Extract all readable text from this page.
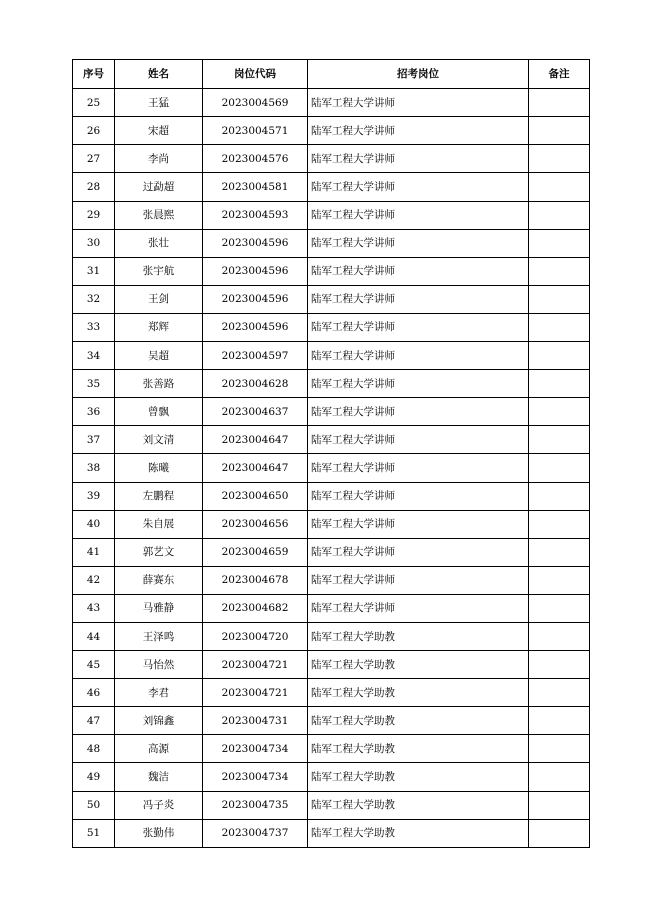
序号	姓名	岗位代码	招考岗位	备注
25	王猛	2023004569	陆军工程大学讲师	
26	宋超	2023004571	陆军工程大学讲师	
27	李尚	2023004576	陆军工程大学讲师	
28	过勐超	2023004581	陆军工程大学讲师	
29	张晨熙	2023004593	陆军工程大学讲师	
30	张壮	2023004596	陆军工程大学讲师	
31	张宇航	2023004596	陆军工程大学讲师	
32	王剑	2023004596	陆军工程大学讲师	
33	郑辉	2023004596	陆军工程大学讲师	
34	吴超	2023004597	陆军工程大学讲师	
35	张善路	2023004628	陆军工程大学讲师	
36	曾飘	2023004637	陆军工程大学讲师	
37	刘文清	2023004647	陆军工程大学讲师	
38	陈曦	2023004647	陆军工程大学讲师	
39	左鹏程	2023004650	陆军工程大学讲师	
40	朱自展	2023004656	陆军工程大学讲师	
41	郭艺文	2023004659	陆军工程大学讲师	
42	薛赛东	2023004678	陆军工程大学讲师	
43	马雅静	2023004682	陆军工程大学讲师	
44	王泽鸣	2023004720	陆军工程大学助教	
45	马怡然	2023004721	陆军工程大学助教	
46	李君	2023004721	陆军工程大学助教	
47	刘锦鑫	2023004731	陆军工程大学助教	
48	高源	2023004734	陆军工程大学助教	
49	魏洁	2023004734	陆军工程大学助教	
50	冯子炎	2023004735	陆军工程大学助教	
51	张勤伟	2023004737	陆军工程大学助教	
